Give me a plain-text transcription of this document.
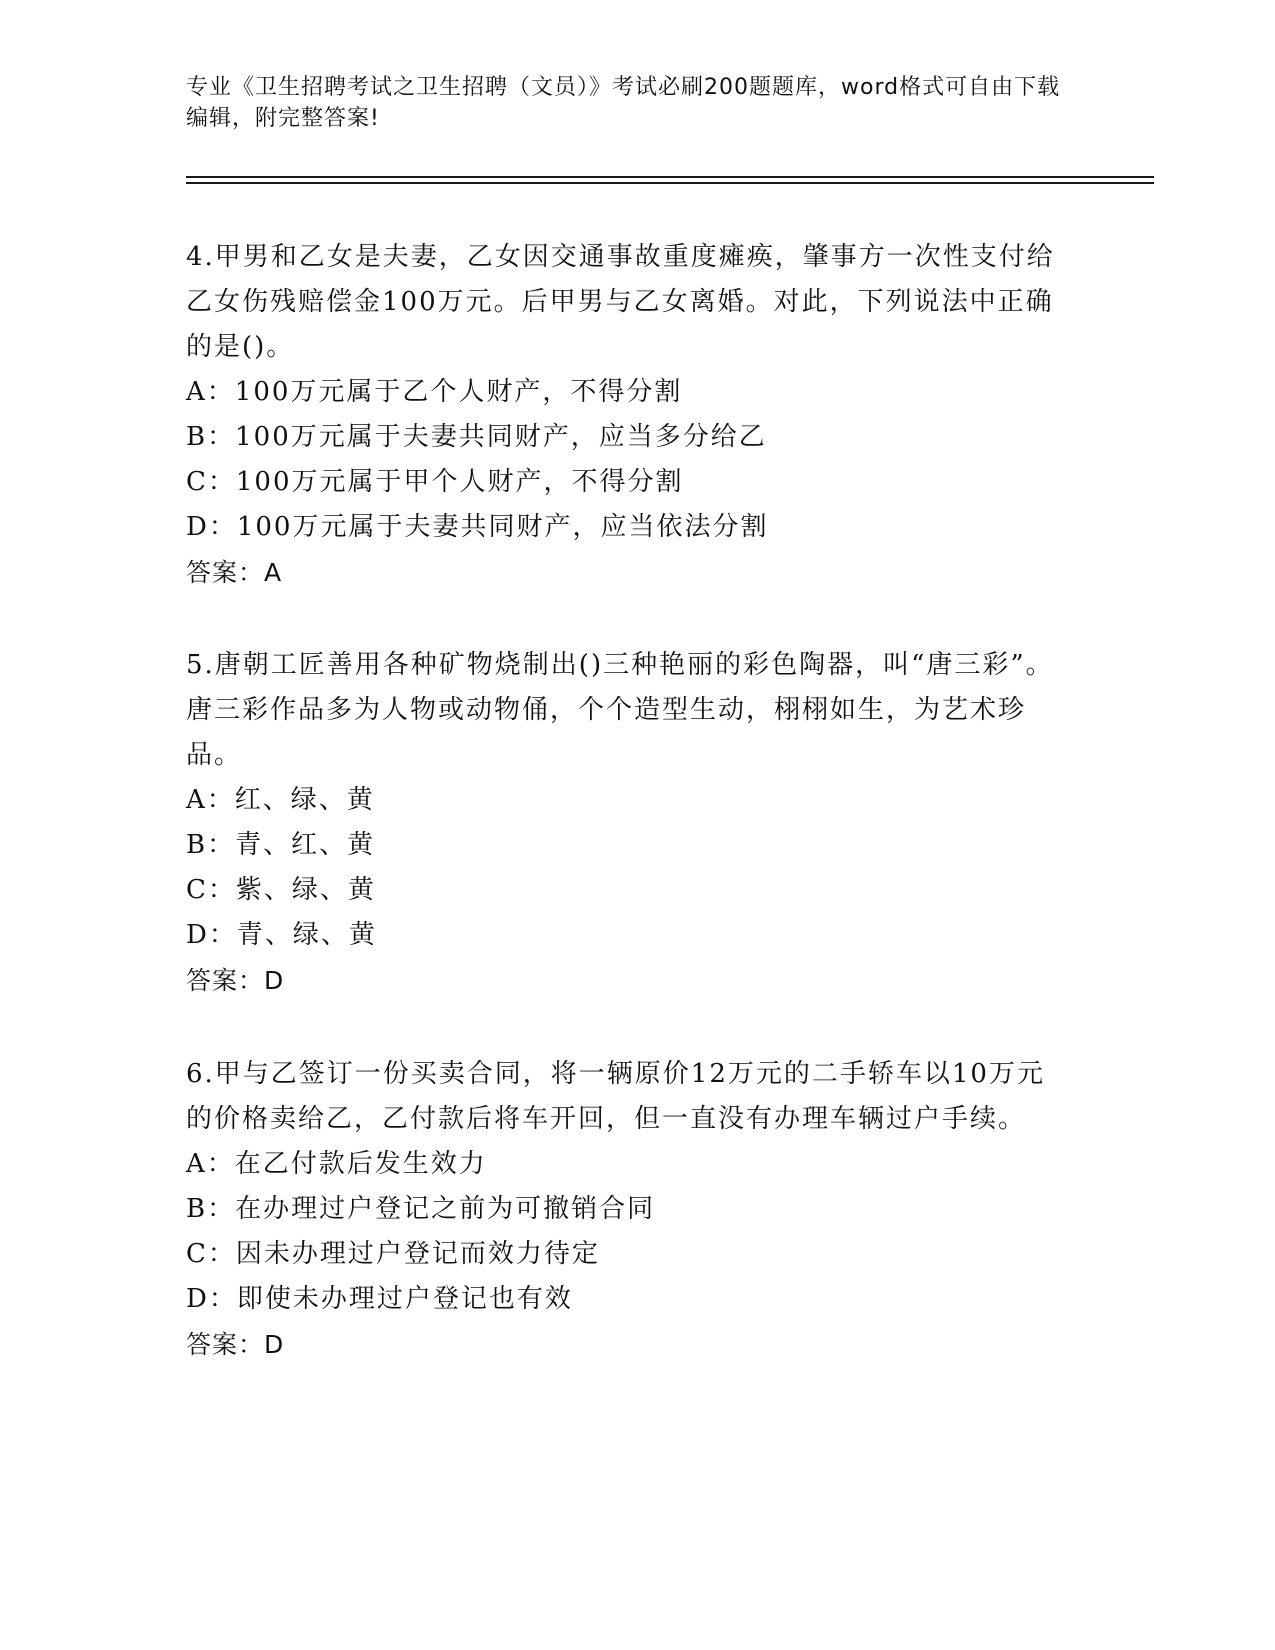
专业《卫生招聘考试之卫生招聘（文员）》考试必刷200题题库，word格式可自由下载编辑，附完整答案!

4.甲男和乙女是夫妻，乙女因交通事故重度瘫痪，肇事方一次性支付给乙女伤残赔偿金100万元。后甲男与乙女离婚。对此，下列说法中正确的是()。

A：100万元属于乙个人财产，不得分割

B：100万元属于夫妻共同财产，应当多分给乙

C：100万元属于甲个人财产，不得分割

D：100万元属于夫妻共同财产，应当依法分割

答案：A

5.唐朝工匠善用各种矿物烧制出()三种艳丽的彩色陶器，叫“唐三彩”。唐三彩作品多为人物或动物俑，个个造型生动，栩栩如生，为艺术珍品。

A：红、绿、黄

B：青、红、黄

C：紫、绿、黄

D：青、绿、黄

答案：D

6.甲与乙签订一份买卖合同，将一辆原价12万元的二手轿车以10万元的价格卖给乙，乙付款后将车开回，但一直没有办理车辆过户手续。

A：在乙付款后发生效力

B：在办理过户登记之前为可撤销合同

C：因未办理过户登记而效力待定

D：即使未办理过户登记也有效

答案：D
